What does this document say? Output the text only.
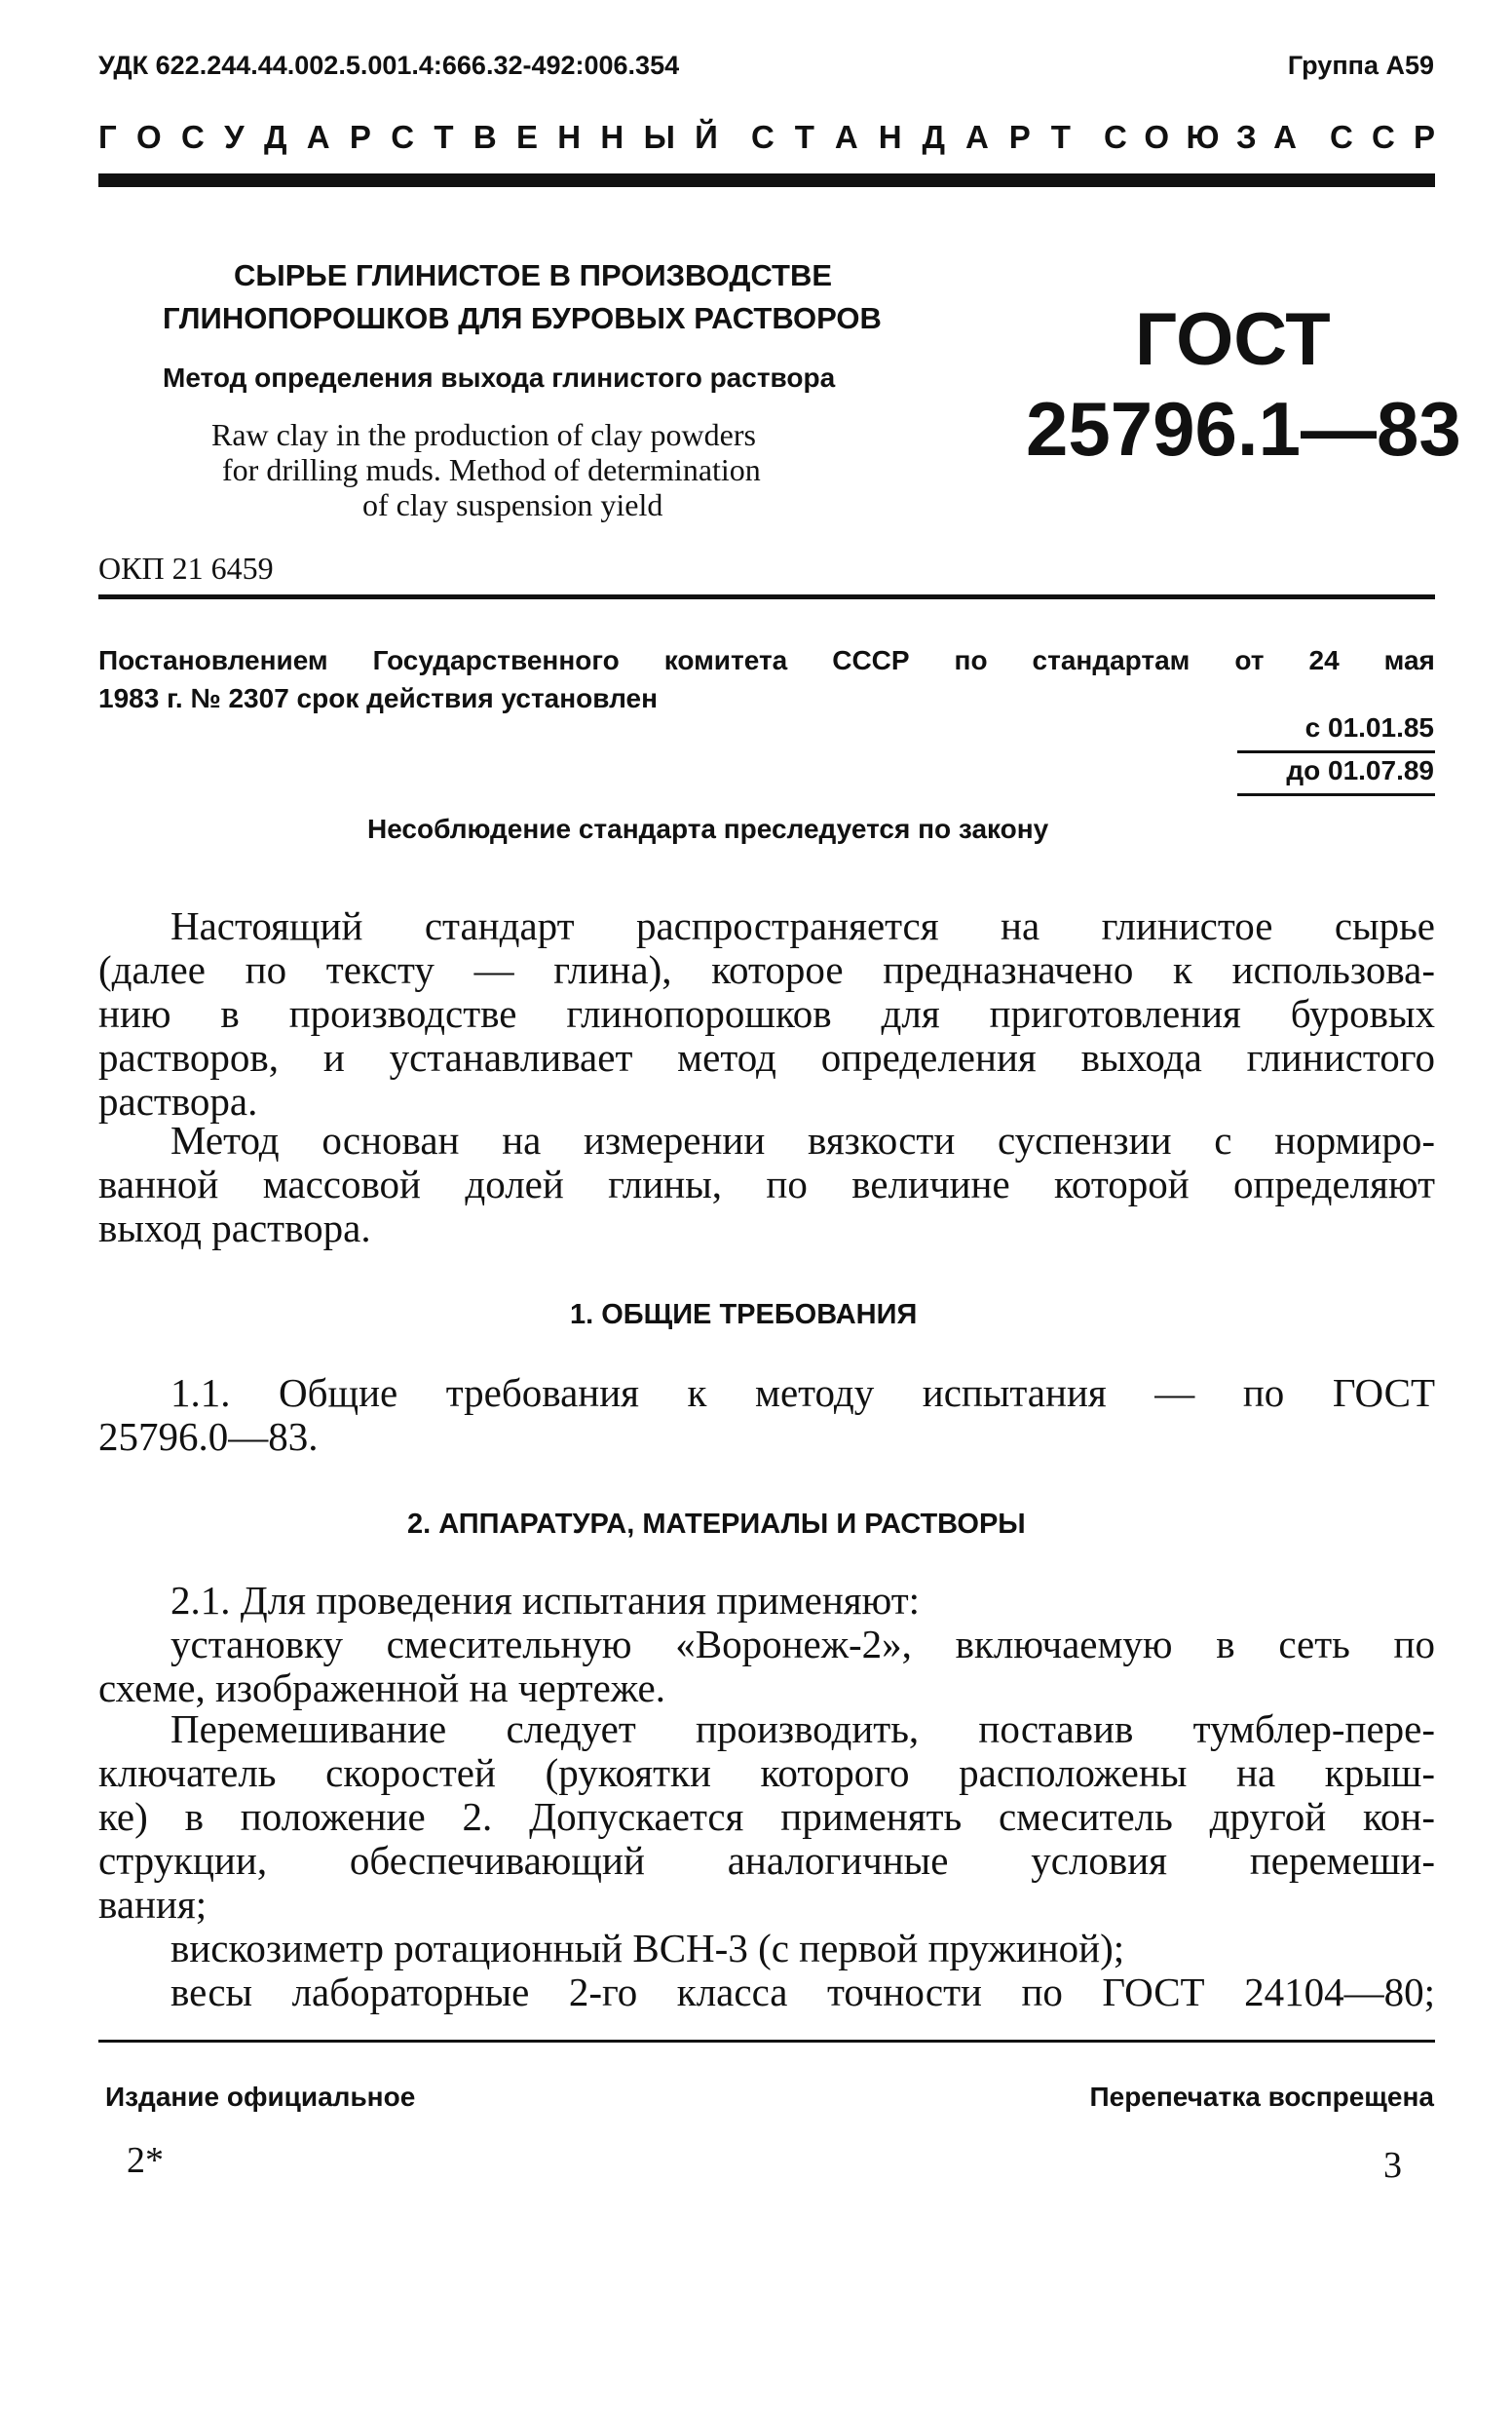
УДК 622.244.44.002.5.001.4:666.32-492:006.354	Группа А59
Г О С У Д А Р С Т В Е Н Н Ы Й С Т А Н Д А Р Т С О Ю З А С С Р
СЫРЬЕ ГЛИНИСТОЕ В ПРОИЗВОДСТВЕ
ГЛИНОПОРОШКОВ ДЛЯ БУРОВЫХ РАСТВОРОВ
Метод определения выхода глинистого раствора
Raw clay in the production of clay powders
for drilling muds. Method of determination
of clay suspension yield
ОКП 21 6459
ГОСТ
25796.1—83
Постановлением Государственного комитета СССР по стандартам от 24 мая
1983 г. № 2307 срок действия установлен
с 01.01.85
до 01.07.89
Несоблюдение стандарта преследуется по закону
Настоящий стандарт распространяется на глинистое сырье
(далее по тексту — глина), которое предназначено к использова-
нию в производстве глинопорошков для приготовления буровых
растворов, и устанавливает метод определения выхода глинистого
раствора.
Метод основан на измерении вязкости суспензии с нормиро-
ванной массовой долей глины, по величине которой определяют
выход раствора.
1. ОБЩИЕ ТРЕБОВАНИЯ
1.1. Общие требования к методу испытания — по ГОСТ
25796.0—83.
2. АППАРАТУРА, МАТЕРИАЛЫ И РАСТВОРЫ
2.1. Для проведения испытания применяют:
установку смесительную «Воронеж-2», включаемую в сеть по
схеме, изображенной на чертеже.
Перемешивание следует производить, поставив тумблер-пере-
ключатель скоростей (рукоятки которого расположены на крыш-
ке) в положение 2. Допускается применять смеситель другой кон-
струкции, обеспечивающий аналогичные условия перемеши-
вания;
вискозиметр ротационный ВСН-3 (с первой пружиной);
весы лабораторные 2-го класса точности по ГОСТ 24104—80;
Издание официальное	Перепечатка воспрещена
2*	3
